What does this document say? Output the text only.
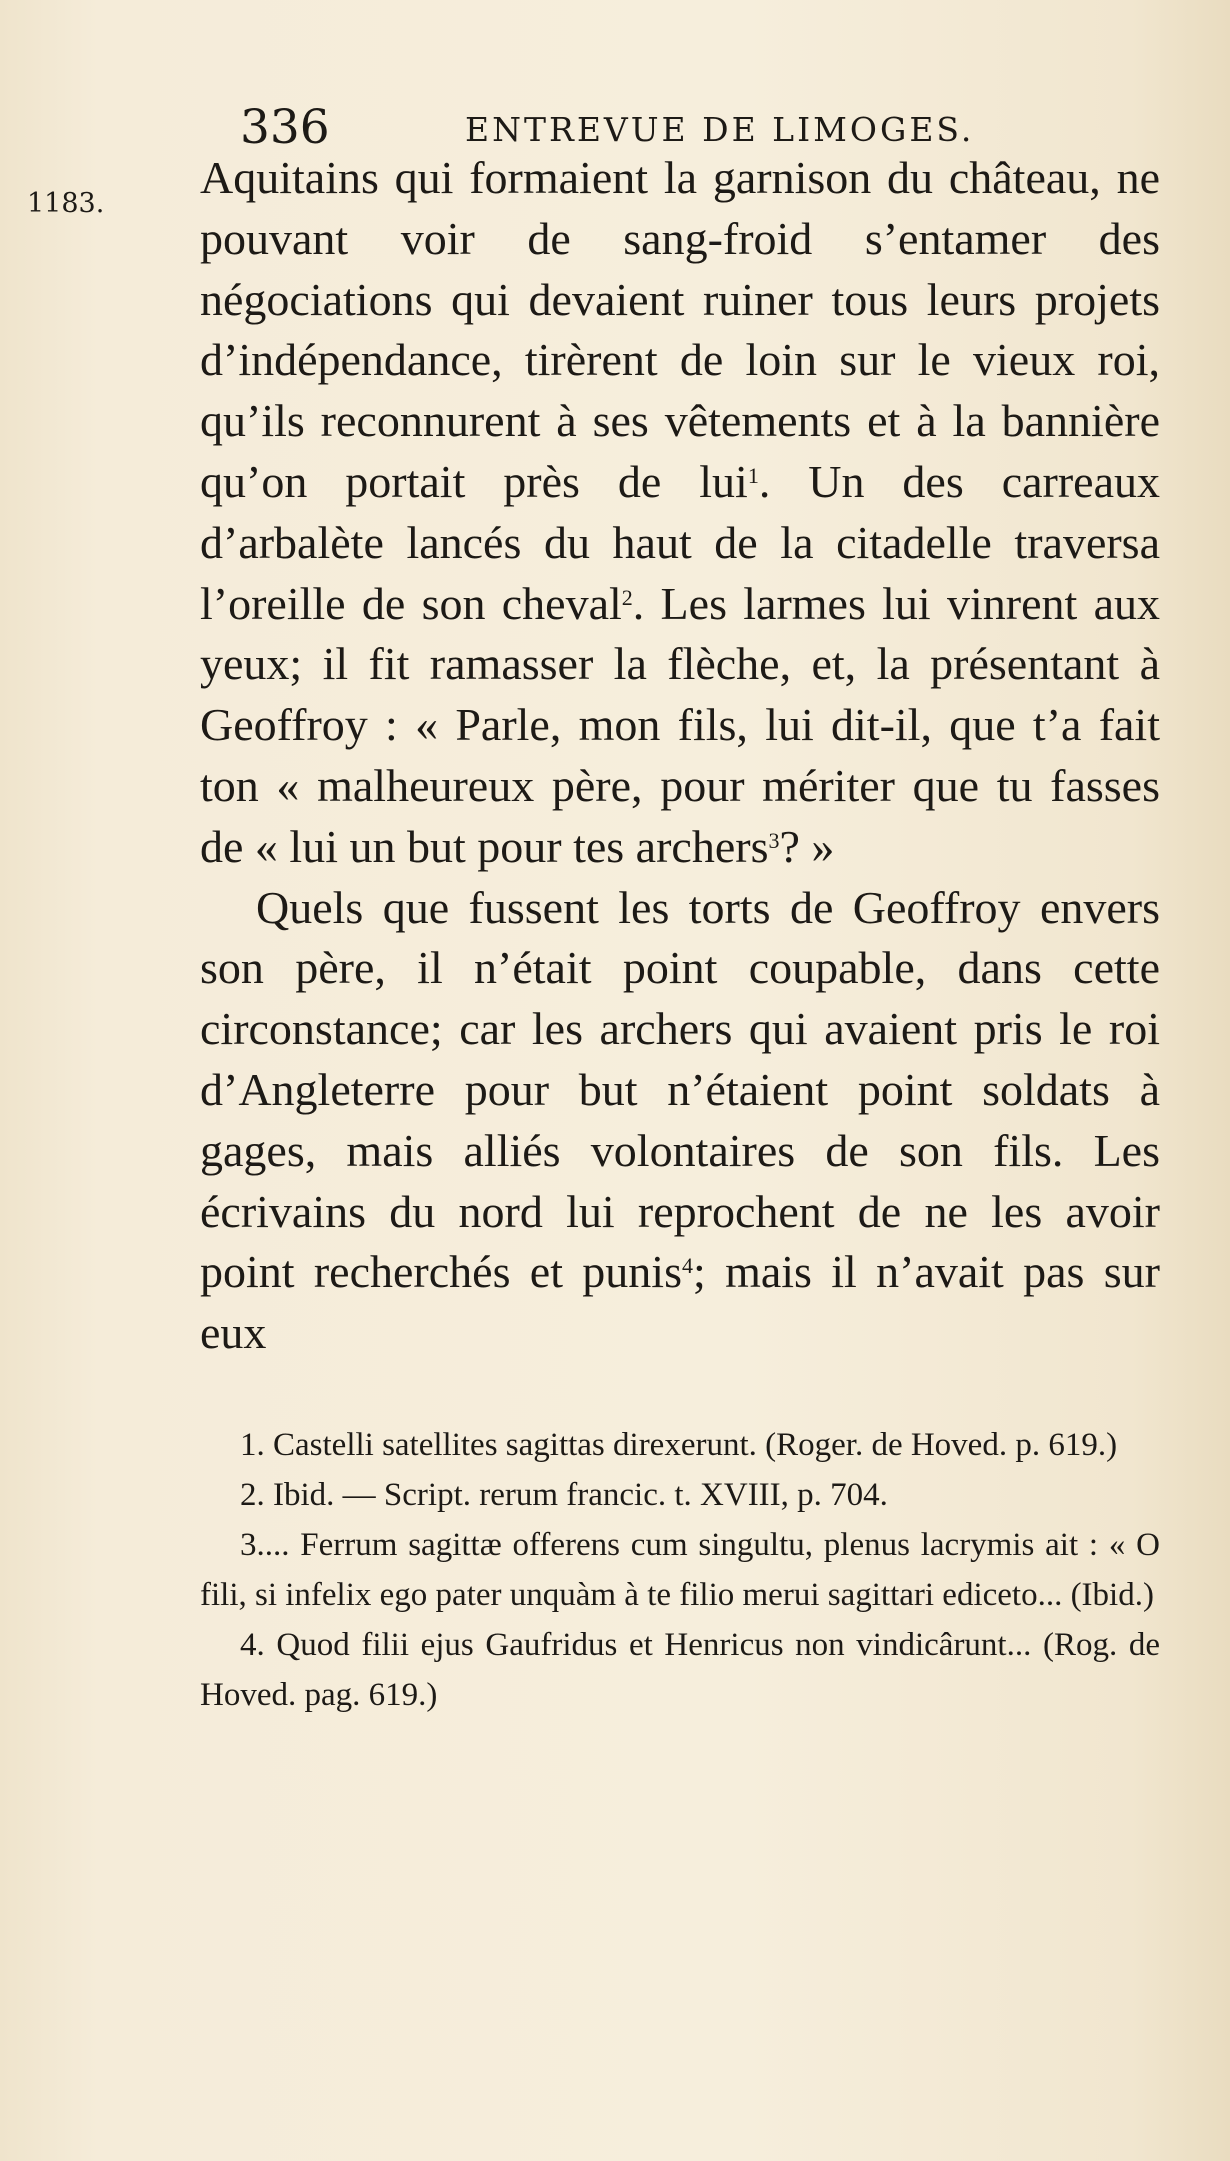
336	ENTREVUE DE LIMOGES.
1183.

Aquitains qui formaient la garnison du château, ne pouvant voir de sang-froid s’entamer des négociations qui devaient ruiner tous leurs projets d’indépendance, tirèrent de loin sur le vieux roi, qu’ils reconnurent à ses vêtements et à la bannière qu’on portait près de lui$^1$. Un des carreaux d’arbalète lancés du haut de la citadelle traversa l’oreille de son cheval$^2$. Les larmes lui vinrent aux yeux; il fit ramasser la flèche, et, la présentant à Geoffroy : « Parle, mon fils, lui dit-il, que t’a fait ton « malheureux père, pour mériter que tu fasses de « lui un but pour tes archers$^3$? »

Quels que fussent les torts de Geoffroy envers son père, il n’était point coupable, dans cette circonstance; car les archers qui avaient pris le roi d’Angleterre pour but n’étaient point soldats à gages, mais alliés volontaires de son fils. Les écrivains du nord lui reprochent de ne les avoir point recherchés et punis$^4$; mais il n’avait pas sur eux

1. Castelli satellites sagittas direxerunt. (Roger. de Hoved. p. 619.)

2. Ibid. — Script. rerum francic. t. XVIII, p. 704.

3.... Ferrum sagittæ offerens cum singultu, plenus lacrymis ait : « O fili, si infelix ego pater unquàm à te filio merui sagittari ediceto... (Ibid.)

4. Quod filii ejus Gaufridus et Henricus non vindicârunt... (Rog. de Hoved. pag. 619.)
